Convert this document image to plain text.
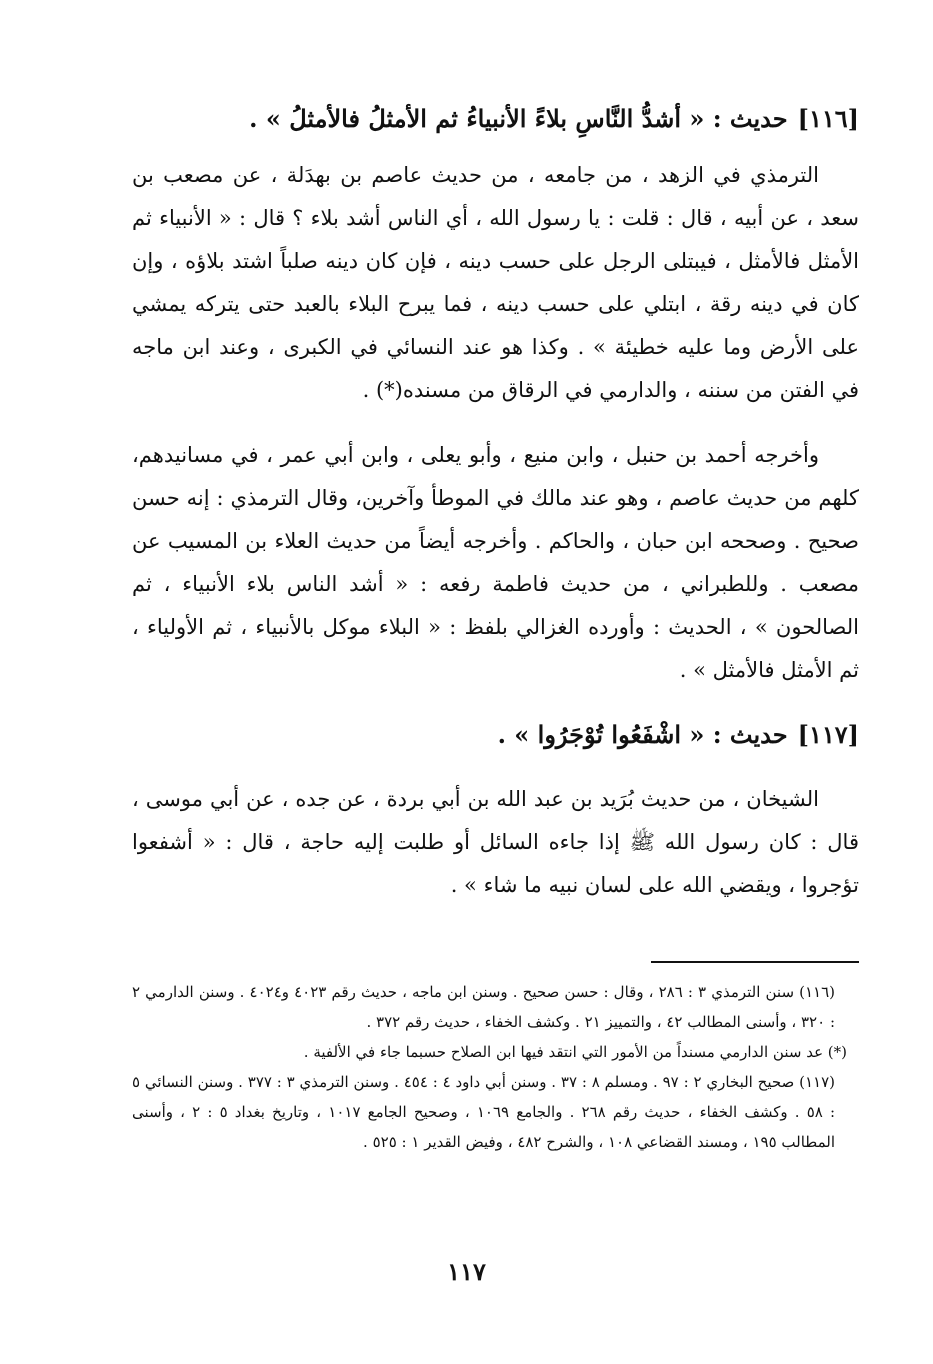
[١١٦]حديث : « أشدُّ النَّاسِ بلاءً الأنبياءُ ثم الأمثلُ فالأمثلُ » .

الترمذي في الزهد ، من جامعه ، من حديث عاصم بن بهدَلة ، عن مصعب بن سعد ، عن أبيه ، قال : قلت : يا رسول الله ، أي الناس أشد بلاء ؟ قال : « الأنبياء ثم الأمثل فالأمثل ، فيبتلى الرجل على حسب دينه ، فإن كان دينه صلباً اشتد بلاؤه ، وإن كان في دينه رقة ، ابتلي على حسب دينه ، فما يبرح البلاء بالعبد حتى يتركه يمشي على الأرض وما عليه خطيئة » . وكذا هو عند النسائي في الكبرى ، وعند ابن ماجه في الفتن من سننه ، والدارمي في الرقاق من مسنده(*) .

وأخرجه أحمد بن حنبل ، وابن منيع ، وأبو يعلى ، وابن أبي عمر ، في مسانيدهم، كلهم من حديث عاصم ، وهو عند مالك في الموطأ وآخرين، وقال الترمذي : إنه حسن صحيح . وصححه ابن حبان ، والحاكم . وأخرجه أيضاً من حديث العلاء بن المسيب عن مصعب . وللطبراني ، من حديث فاطمة رفعه : « أشد الناس بلاء الأنبياء ، ثم الصالحون » ، الحديث : وأورده الغزالي بلفظ : « البلاء موكل بالأنبياء ، ثم الأولياء ، ثم الأمثل فالأمثل » .

[١١٧]حديث : « اشْفَعُوا تُوْجَرُوا » .

الشيخان ، من حديث بُرَيد بن عبد الله بن أبي بردة ، عن جده ، عن أبي موسى ، قال : كان رسول الله ﷺ إذا جاءه السائل أو طلبت إليه حاجة ، قال : « أشفعوا تؤجروا ، ويقضي الله على لسان نبيه ما شاء » .

(١١٦) سنن الترمذي ٣ : ٢٨٦ ، وقال : حسن صحيح . وسنن ابن ماجه ، حديث رقم ٤٠٢٣ و٤٠٢٤ . وسنن الدارمي ٢ : ٣٢٠ ، وأسنى المطالب ٤٢ ، والتمييز ٢١ . وكشف الخفاء ، حديث رقم ٣٧٢ .

(*) عد سنن الدارمي مسنداً من الأمور التي انتقد فيها ابن الصلاح حسبما جاء في الألفية .

(١١٧) صحيح البخاري ٢ : ٩٧ . ومسلم ٨ : ٣٧ . وسنن أبي داود ٤ : ٤٥٤ . وسنن الترمذي ٣ : ٣٧٧ . وسنن النسائي ٥ : ٥٨ . وكشف الخفاء ، حديث رقم ٢٦٨ . والجامع ١٠٦٩ ، وصحيح الجامع ١٠١٧ ، وتاريخ بغداد ٥ : ٢ ، وأسنى المطالب ١٩٥ ، ومسند القضاعي ١٠٨ ، والشرح ٤٨٢ ، وفيض القدير ١ : ٥٢٥ .

١١٧
